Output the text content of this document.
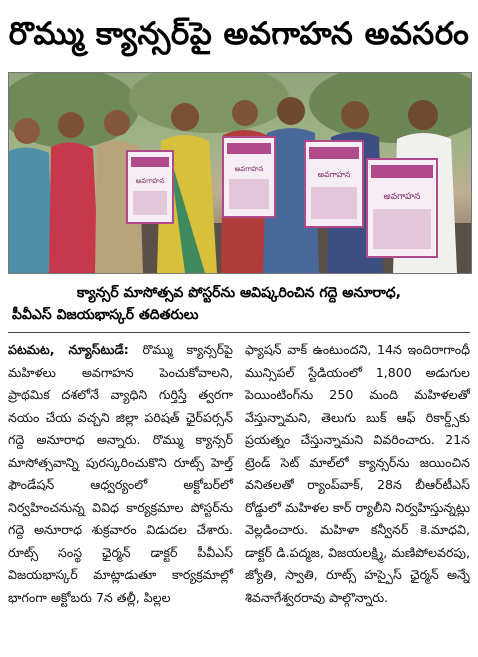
రొమ్ము క్యాన్సర్‌పై అవగాహన అవసరం
అవగాహన
అవగాహన
అవగాహన
అవగాహన
క్యాన్సర్ మాసోత్సవ పోస్టర్‌ను ఆవిష్కరించిన గద్దె అనూరాధ,
పీవీఎస్ విజయభాస్కర్ తదితరులు
పటమట, న్యూస్‌టుడే: రొమ్ము క్యాన్సర్‌పై మహిళలు అవగాహన పెంచుకోవాలని, ప్రాథమిక దశలోనే వ్యాధిని గుర్తిస్తే త్వరగా నయం చేయ వచ్చని జిల్లా పరిషత్ ఛైర్‌పర్సన్ గద్దె అనూరాధ అన్నారు. రొమ్ము క్యాన్సర్ మాసోత్సవాన్ని పురస్కరించుకొని రూట్స్ హెల్త్ ఫౌండేషన్ ఆధ్వర్యంలో అక్టోబర్‌లో నిర్వహించనున్న వివిధ కార్యక్రమాల పోస్టర్‌ను గద్దె అనూరాధ శుక్రవారం విడుదల చేశారు. రూట్స్ సంస్థ ఛైర్మన్ డాక్టర్ పీవీఎస్ విజయభాస్కర్ మాట్లాడుతూ కార్యక్రమాల్లో భాగంగా అక్టోబరు 7న తల్లీ, పిల్లల
ఫ్యాషన్ వాక్ ఉంటుందని, 14న ఇందిరాగాంధీ మున్సిపల్ స్టేడియంలో 1,800 అడుగుల పెయింటింగ్‌ను 250 మంది మహిళలతో వేస్తున్నామని, తెలుగు బుక్ ఆఫ్ రికార్డ్స్‌కు ప్రయత్నం చేస్తున్నామని వివరించారు. 21న ట్రెండ్ సెట్ మాల్‌లో క్యాన్సర్‌ను జయించిన వనితలతో ర్యాంప్‌వాక్, 28న బీఆర్‌టీఎస్ రోడ్డులో మహిళల కార్ ర్యాలీని నిర్వహిస్తున్నట్లు వెల్లడించారు. మహిళా కన్వీనర్ కె.మాధవి, డాక్టర్ డి.పద్మజ, విజయలక్ష్మి, మణిపోలవరపు, జ్యోతి, స్వాతి, రూట్స్ హస్పైస్ ఛైర్మన్ అన్నే శివనాగేశ్వరరావు పాల్గొన్నారు.
